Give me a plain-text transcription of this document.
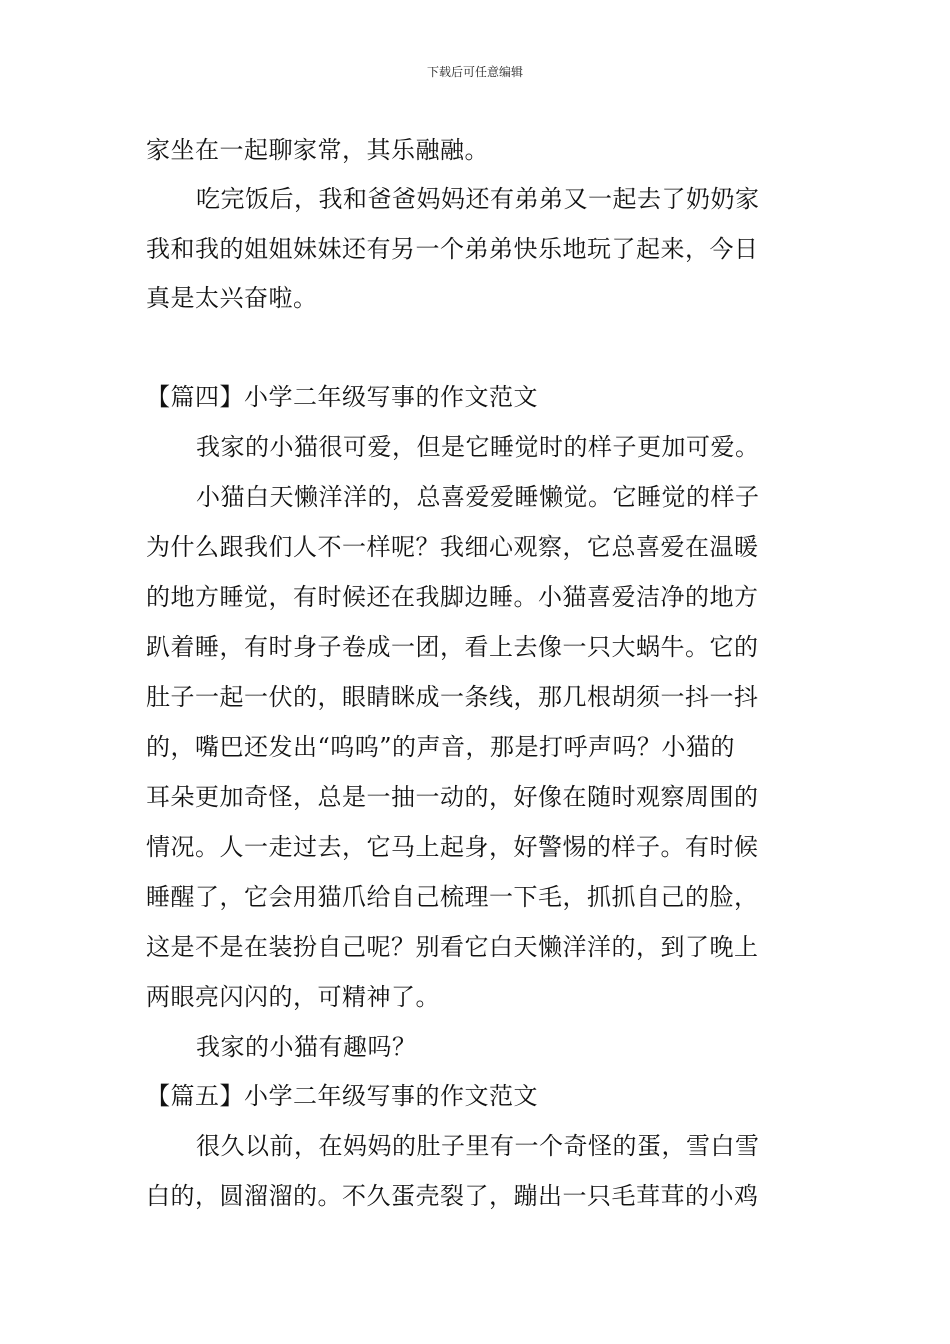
下载后可任意编辑
家坐在一起聊家常，其乐融融。
吃完饭后，我和爸爸妈妈还有弟弟又一起去了奶奶家
我和我的姐姐妹妹还有另一个弟弟快乐地玩了起来，今日
真是太兴奋啦。
【篇四】小学二年级写事的作文范文
我家的小猫很可爱，但是它睡觉时的样子更加可爱。
小猫白天懒洋洋的，总喜爱爱睡懒觉。它睡觉的样子
为什么跟我们人不一样呢？我细心观察，它总喜爱在温暖
的地方睡觉，有时候还在我脚边睡。小猫喜爱洁净的地方
趴着睡，有时身子卷成一团，看上去像一只大蜗牛。它的
肚子一起一伏的，眼睛眯成一条线，那几根胡须一抖一抖
的，嘴巴还发出“呜呜”的声音，那是打呼声吗？小猫的
耳朵更加奇怪，总是一抽一动的，好像在随时观察周围的
情况。人一走过去，它马上起身，好警惕的样子。有时候
睡醒了，它会用猫爪给自己梳理一下毛，抓抓自己的脸，
这是不是在装扮自己呢？别看它白天懒洋洋的，到了晚上
两眼亮闪闪的，可精神了。
我家的小猫有趣吗？
【篇五】小学二年级写事的作文范文
很久以前，在妈妈的肚子里有一个奇怪的蛋，雪白雪
白的，圆溜溜的。不久蛋壳裂了，蹦出一只毛茸茸的小鸡
